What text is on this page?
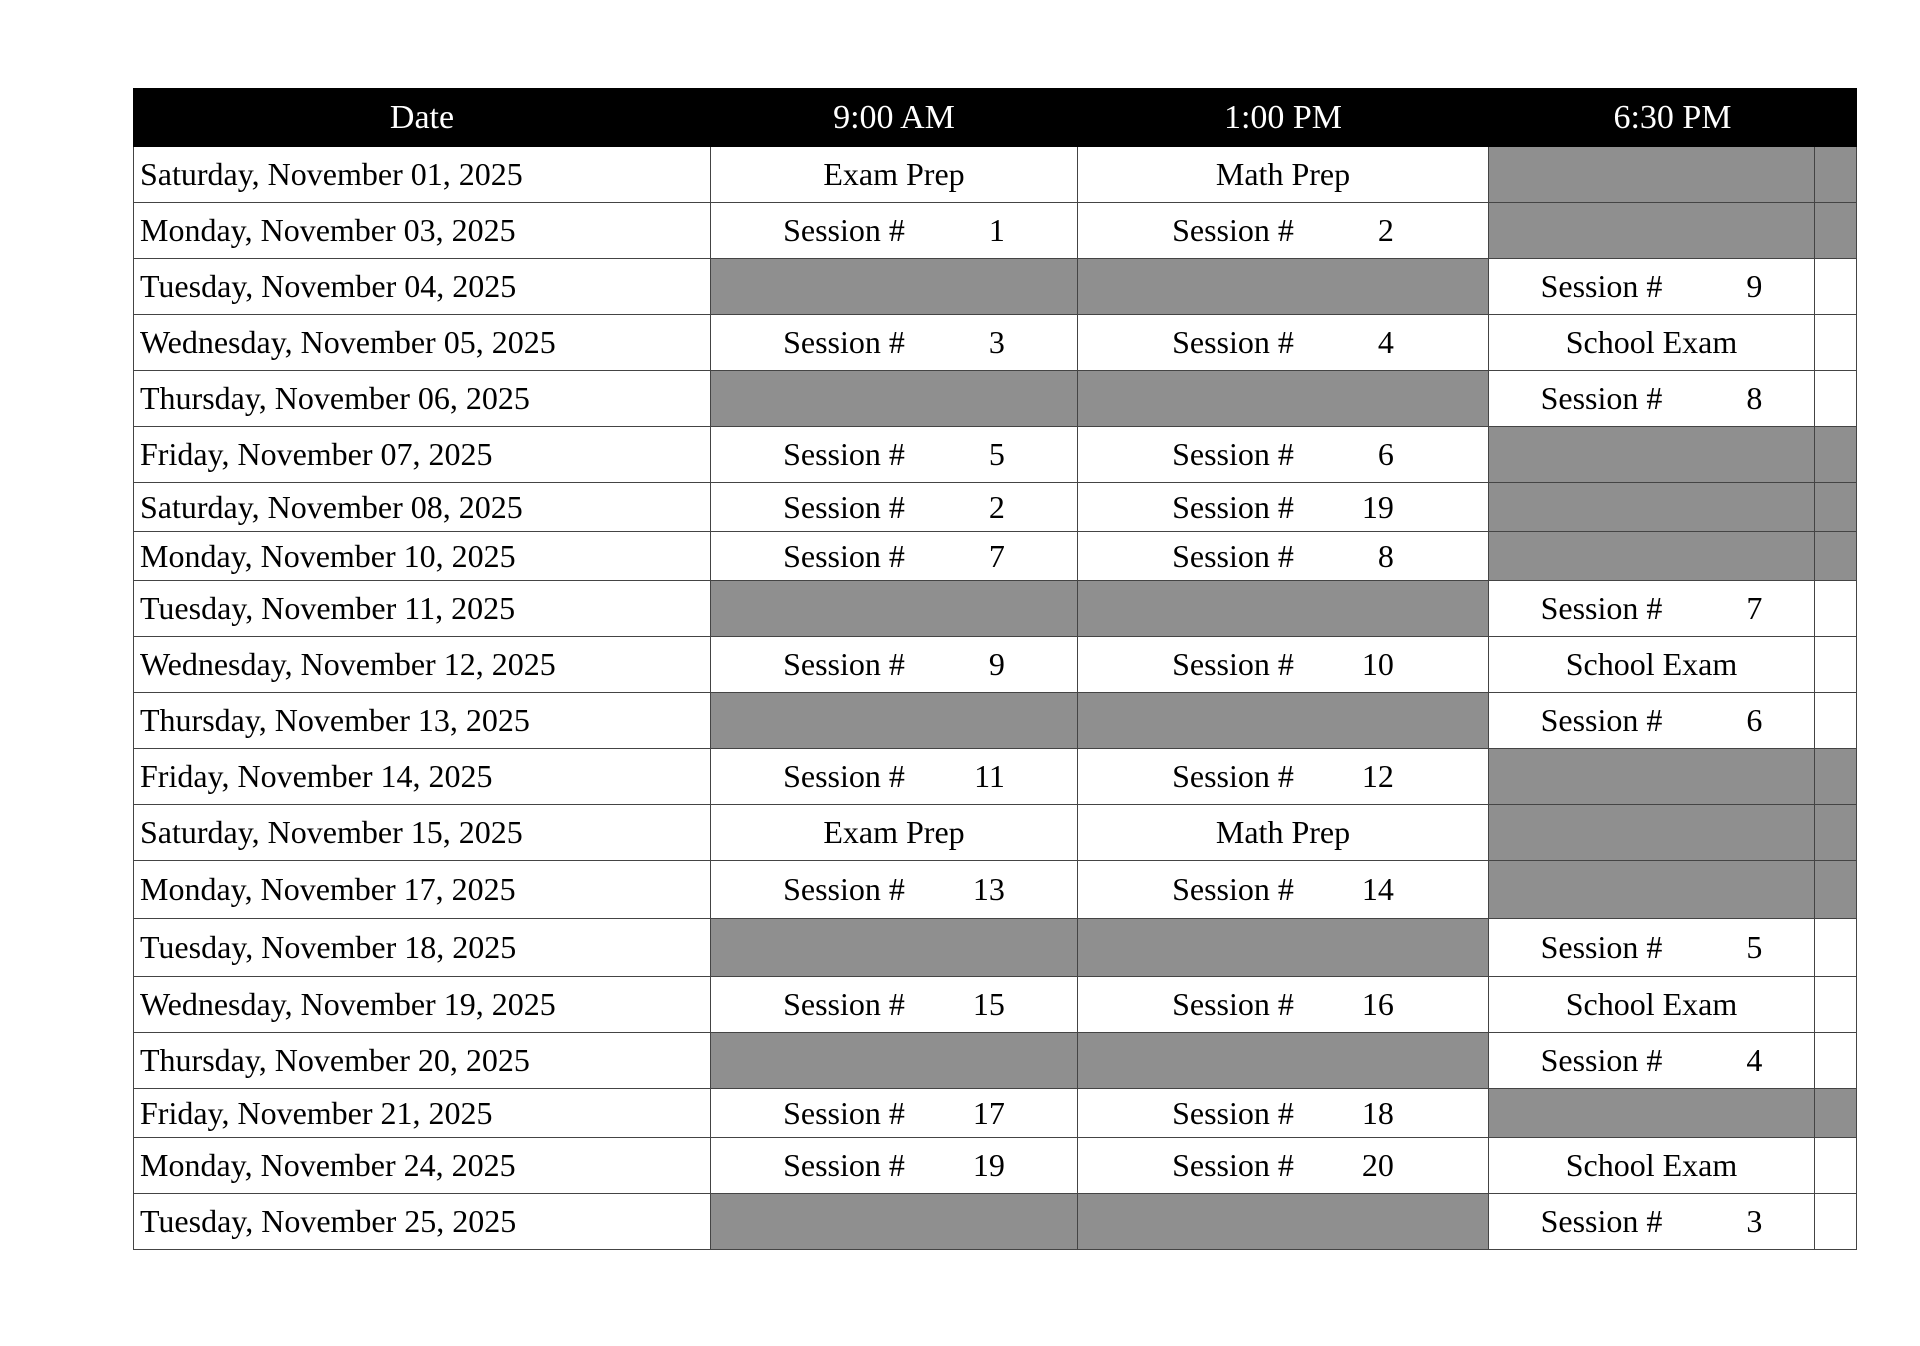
Date	9:00 AM	1:00 PM	6:30 PM	
Saturday, November 01, 2025	Exam Prep	Math Prep		
Monday, November 03, 2025	Session # 1	Session # 2		

Tuesday, November 04, 2025			Session # 9	

Wednesday, November 05, 2025	Session # 3	Session # 4	School Exam	
Thursday, November 06, 2025			Session # 8	

Friday, November 07, 2025	Session # 5	Session # 6		

Saturday, November 08, 2025	Session # 2	Session # 19		

Monday, November 10, 2025	Session # 7	Session # 8		

Tuesday, November 11, 2025			Session # 7	

Wednesday, November 12, 2025	Session # 9	Session # 10	School Exam	
Thursday, November 13, 2025			Session # 6	

Friday, November 14, 2025	Session # 11	Session # 12		

Saturday, November 15, 2025	Exam Prep	Math Prep		
Monday, November 17, 2025	Session # 13	Session # 14		

Tuesday, November 18, 2025			Session # 5	

Wednesday, November 19, 2025	Session # 15	Session # 16	School Exam	
Thursday, November 20, 2025			Session # 4	

Friday, November 21, 2025	Session # 17	Session # 18		

Monday, November 24, 2025	Session # 19	Session # 20	School Exam	
Tuesday, November 25, 2025			Session # 3	
